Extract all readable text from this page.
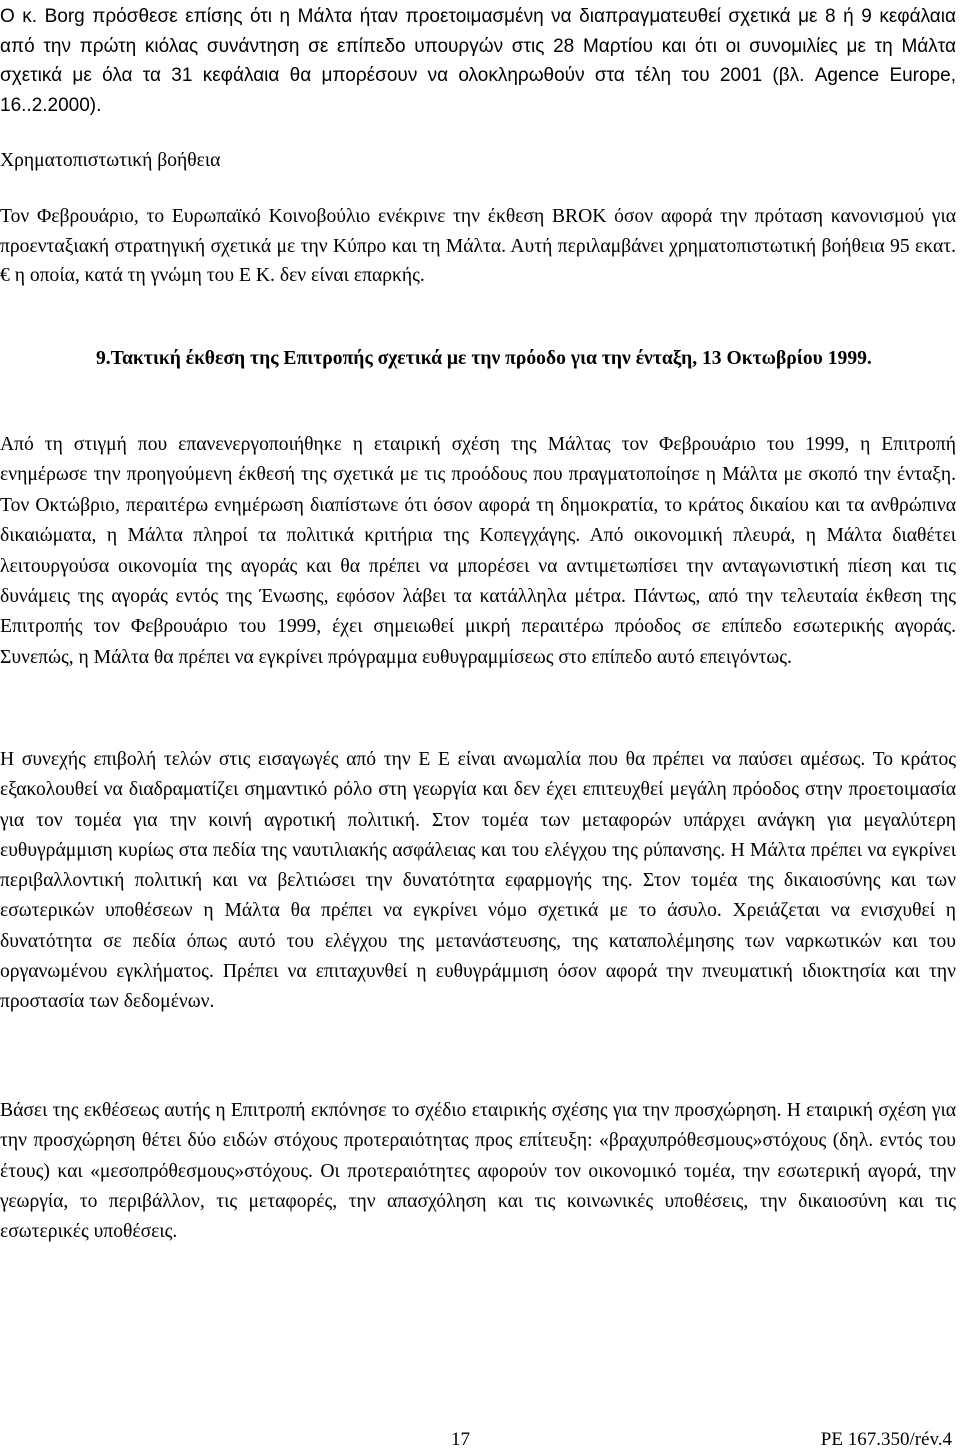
Ο κ. Borg πρόσθεσε επίσης ότι η Μάλτα ήταν προετοιμασμένη να διαπραγματευθεί σχετικά με 8 ή 9 κεφάλαια από την πρώτη κιόλας συνάντηση σε επίπεδο υπουργών στις 28 Μαρτίου και ότι οι συνομιλίες με τη Μάλτα σχετικά με όλα τα 31 κεφάλαια θα μπορέσουν να ολοκληρωθούν στα τέλη του 2001 (βλ. Agence Europe, 16..2.2000).

Χρηματοπιστωτική βοήθεια

Τον Φεβρουάριο, το Ευρωπαϊκό Κοινοβούλιο ενέκρινε την έκθεση BROK όσον αφορά την πρόταση κανονισμού για προενταξιακή στρατηγική σχετικά με την Κύπρο και τη Μάλτα. Αυτή περιλαμβάνει χρηματοπιστωτική βοήθεια 95 εκατ. € η οποία, κατά τη γνώμη του Ε Κ. δεν είναι επαρκής.

9.Τακτική έκθεση της Επιτροπής σχετικά με την πρόοδο για την ένταξη, 13 Οκτωβρίου 1999.

Από τη στιγμή που επανενεργοποιήθηκε η εταιρική σχέση της Μάλτας τον Φεβρουάριο του 1999, η Επιτροπή ενημέρωσε την προηγούμενη έκθεσή της σχετικά με τις προόδους που πραγματοποίησε η Μάλτα με σκοπό την ένταξη. Τον Οκτώβριο, περαιτέρω ενημέρωση διαπίστωνε ότι όσον αφορά τη δημοκρατία, το κράτος δικαίου και τα ανθρώπινα δικαιώματα, η Μάλτα πληροί τα πολιτικά κριτήρια της Κοπεγχάγης. Από οικονομική πλευρά, η Μάλτα διαθέτει λειτουργούσα οικονομία της αγοράς και θα πρέπει να μπορέσει να αντιμετωπίσει την ανταγωνιστική πίεση και τις δυνάμεις της αγοράς εντός της Ένωσης, εφόσον λάβει τα κατάλληλα μέτρα. Πάντως, από την τελευταία έκθεση της Επιτροπής τον Φεβρουάριο του 1999, έχει σημειωθεί μικρή περαιτέρω πρόοδος σε επίπεδο εσωτερικής αγοράς. Συνεπώς, η Μάλτα θα πρέπει να εγκρίνει πρόγραμμα ευθυγραμμίσεως στο επίπεδο αυτό επειγόντως.

Η συνεχής επιβολή τελών στις εισαγωγές από την Ε Ε είναι ανωμαλία που θα πρέπει να παύσει αμέσως. Το κράτος εξακολουθεί να διαδραματίζει σημαντικό ρόλο στη γεωργία και δεν έχει επιτευχθεί μεγάλη πρόοδος στην προετοιμασία για τον τομέα για την κοινή αγροτική πολιτική. Στον τομέα των μεταφορών υπάρχει ανάγκη για μεγαλύτερη ευθυγράμμιση κυρίως στα πεδία της ναυτιλιακής ασφάλειας και του ελέγχου της ρύπανσης. Η Μάλτα πρέπει να εγκρίνει περιβαλλοντική πολιτική και να βελτιώσει την δυνατότητα εφαρμογής της. Στον τομέα της δικαιοσύνης και των εσωτερικών υποθέσεων η Μάλτα θα πρέπει να εγκρίνει νόμο σχετικά με το άσυλο. Χρειάζεται να ενισχυθεί η δυνατότητα σε πεδία όπως αυτό του ελέγχου της μετανάστευσης, της καταπολέμησης των ναρκωτικών και του οργανωμένου εγκλήματος. Πρέπει να επιταχυνθεί η ευθυγράμμιση όσον αφορά την πνευματική ιδιοκτησία και την προστασία των δεδομένων.

Βάσει της εκθέσεως αυτής η Επιτροπή εκπόνησε το σχέδιο εταιρικής σχέσης για την προσχώρηση. Η εταιρική σχέση για την προσχώρηση θέτει δύο ειδών στόχους προτεραιότητας προς επίτευξη: «βραχυπρόθεσμους»στόχους (δηλ. εντός του έτους) και «μεσοπρόθεσμους»στόχους. Οι προτεραιότητες αφορούν τον οικονομικό τομέα, την εσωτερική αγορά, την γεωργία, το περιβάλλον, τις μεταφορές, την απασχόληση και τις κοινωνικές υποθέσεις, την δικαιοσύνη και τις εσωτερικές υποθέσεις.

17	PE 167.350/rév.4
